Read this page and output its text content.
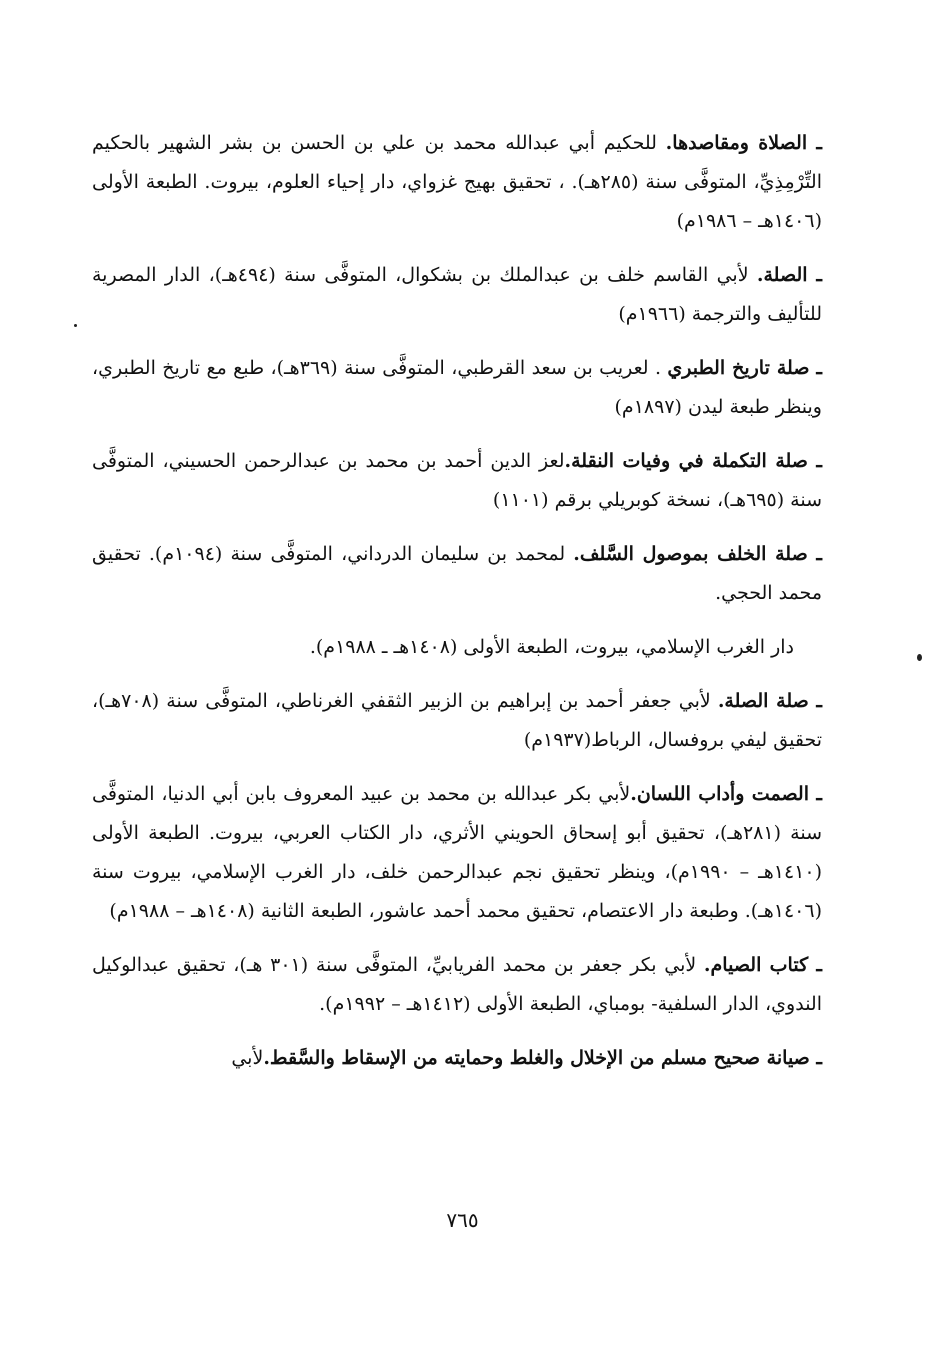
ـ الصلاة ومقاصدها. للحكيم أبي عبدالله محمد بن علي بن الحسن بن بشر الشهير بالحكيم التِّرْمِذِيِّ، المتوفَّى سنة (٢٨٥هـ). ، تحقيق بهيج غزواي، دار إحياء العلوم، بيروت. الطبعة الأولى (١٤٠٦هـ – ١٩٨٦م)

ـ الصلة. لأبي القاسم خلف بن عبدالملك بن بشكوال، المتوفَّى سنة (٤٩٤هـ)، الدار المصرية للتأليف والترجمة (١٩٦٦م)

ـ صلة تاريخ الطبري . لعريب بن سعد القرطبي، المتوفَّى سنة (٣٦٩هـ)، طبع مع تاريخ الطبري، وينظر طبعة ليدن (١٨٩٧م)

ـ صلة التكملة في وفيات النقلة.لعز الدين أحمد بن محمد بن عبدالرحمن الحسيني، المتوفَّى سنة (٦٩٥هـ)، نسخة كوبريلي برقم (١١٠١)

ـ صلة الخلف بموصول السَّلف. لمحمد بن سليمان الدرداني، المتوفَّى سنة (١٠٩٤م). تحقيق محمد الحجي.

دار الغرب الإسلامي، بيروت، الطبعة الأولى (١٤٠٨هـ ـ ١٩٨٨م).

ـ صلة الصلة. لأبي جعفر أحمد بن إبراهيم بن الزبير الثقفي الغرناطي، المتوفَّى سنة (٧٠٨هـ)، تحقيق ليفي بروفسال، الرباط(١٩٣٧م)

ـ الصمت وأداب اللسان.لأبي بكر عبدالله بن محمد بن عبيد المعروف بابن أبي الدنيا، المتوفَّى سنة (٢٨١هـ)، تحقيق أبو إسحاق الحويني الأثري، دار الكتاب العربي، بيروت. الطبعة الأولى (١٤١٠هـ – ١٩٩٠م)، وينظر تحقيق نجم عبدالرحمن خلف، دار الغرب الإسلامي، بيروت سنة (١٤٠٦هـ). وطبعة دار الاعتصام، تحقيق محمد أحمد عاشور، الطبعة الثانية (١٤٠٨هـ – ١٩٨٨م)

ـ كتاب الصيام. لأبي بكر جعفر بن محمد الفريابيِّ، المتوفَّى سنة (٣٠١ هـ)، تحقيق عبدالوكيل الندوي، الدار السلفية- بومباي، الطبعة الأولى (١٤١٢هـ – ١٩٩٢م).

ـ صيانة صحيح مسلم من الإخلال والغلط وحمايته من الإسقاط والسَّقط.لأبي

٧٦٥
